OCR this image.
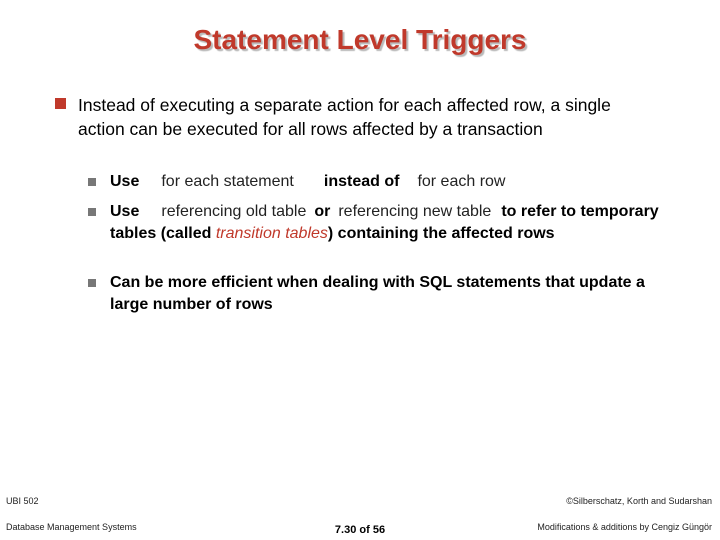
Statement Level Triggers
Instead of executing a separate action for each affected row, a single action can be executed for all rows affected by a transaction
Use for each statement instead of for each row
Use referencing old table or referencing new table to refer to temporary tables (called transition tables) containing the affected rows
Can be more efficient when dealing with SQL statements that update a large number of rows
UBI 502
Database Management Systems	7.30 of 56
©Silberschatz, Korth and Sudarshan
Modifications & additions by Cengiz Güngör
